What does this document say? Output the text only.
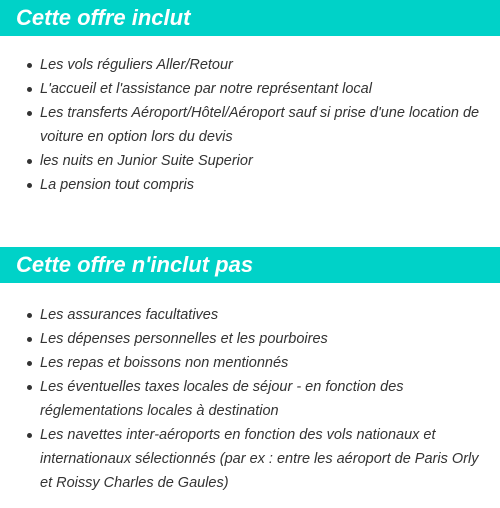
Cette offre inclut
Les vols réguliers Aller/Retour
L'accueil et l'assistance par notre représentant local
Les transferts Aéroport/Hôtel/Aéroport sauf si prise d'une location de voiture en option lors du devis
les nuits en Junior Suite Superior
La pension tout compris
Cette offre n'inclut pas
Les assurances facultatives
Les dépenses personnelles et les pourboires
Les repas et boissons non mentionnés
Les éventuelles taxes locales de séjour - en fonction des réglementations locales à destination
Les navettes inter-aéroports en fonction des vols nationaux et internationaux sélectionnés (par ex : entre les aéroport de Paris Orly et Roissy Charles de Gaules)
